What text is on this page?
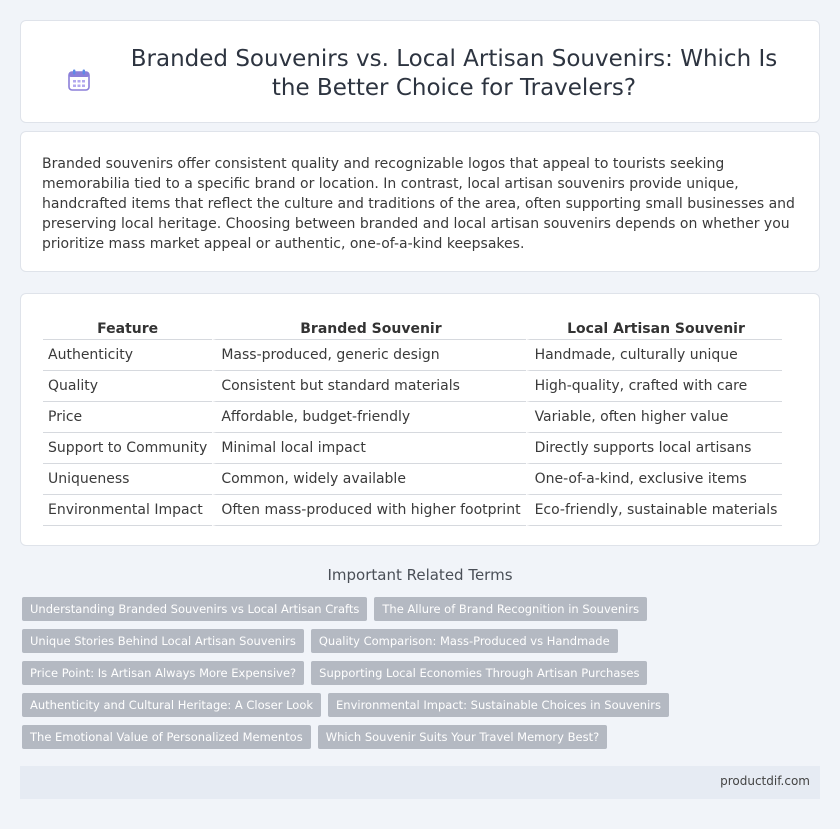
Branded Souvenirs vs. Local Artisan Souvenirs: Which Is the Better Choice for Travelers?

Branded souvenirs offer consistent quality and recognizable logos that appeal to tourists seeking memorabilia tied to a specific brand or location. In contrast, local artisan souvenirs provide unique, handcrafted items that reflect the culture and traditions of the area, often supporting small businesses and preserving local heritage. Choosing between branded and local artisan souvenirs depends on whether you prioritize mass market appeal or authentic, one-of-a-kind keepsakes.

Feature	Branded Souvenir	Local Artisan Souvenir
Authenticity	Mass-produced, generic design	Handmade, culturally unique
Quality	Consistent but standard materials	High-quality, crafted with care
Price	Affordable, budget-friendly	Variable, often higher value
Support to Community	Minimal local impact	Directly supports local artisans
Uniqueness	Common, widely available	One-of-a-kind, exclusive items
Environmental Impact	Often mass-produced with higher footprint	Eco-friendly, sustainable materials
Important Related Terms
Understanding Branded Souvenirs vs Local Artisan Crafts	The Allure of Brand Recognition in Souvenirs
Unique Stories Behind Local Artisan Souvenirs	Quality Comparison: Mass-Produced vs Handmade
Price Point: Is Artisan Always More Expensive?	Supporting Local Economies Through Artisan Purchases
Authenticity and Cultural Heritage: A Closer Look	Environmental Impact: Sustainable Choices in Souvenirs
The Emotional Value of Personalized Mementos	Which Souvenir Suits Your Travel Memory Best?
productdif.com
